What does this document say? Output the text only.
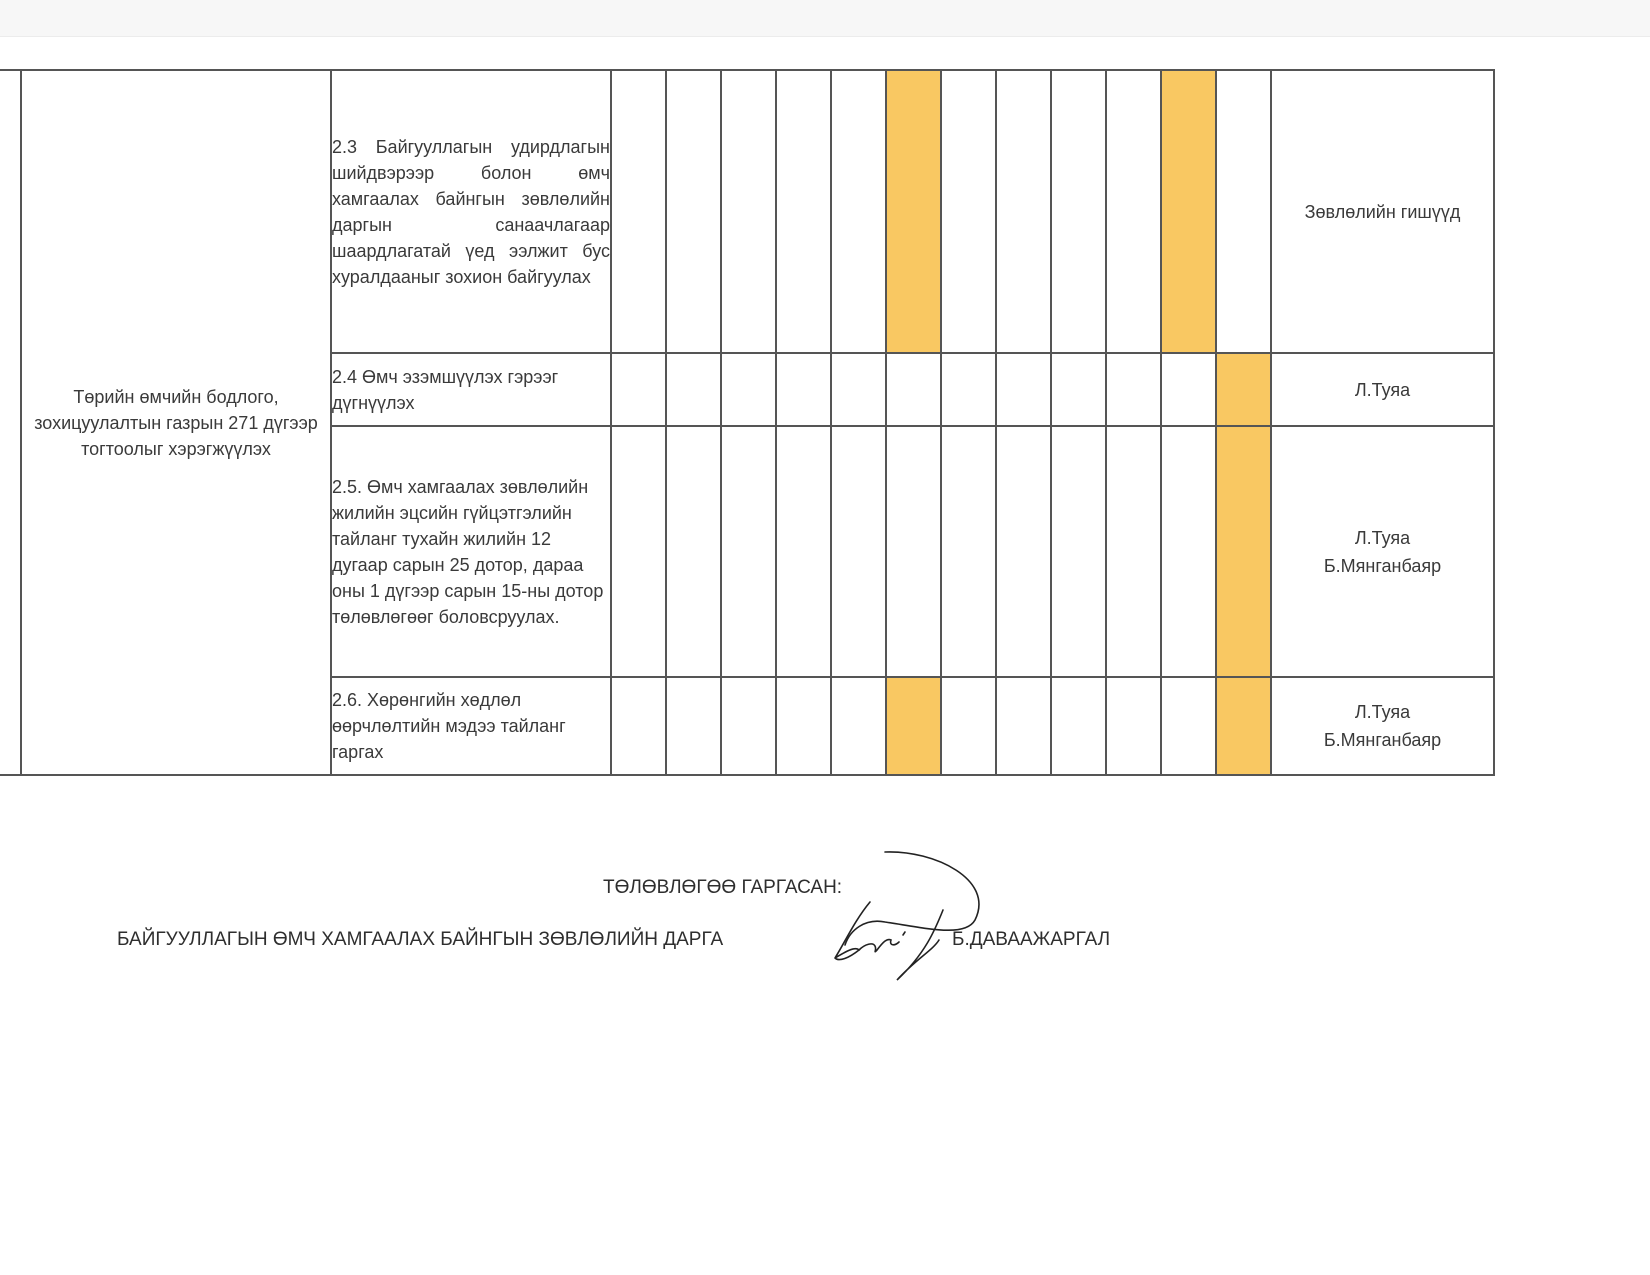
	Төрийн өмчийн бодлого, зохицуулалтын газрын 271 дүгээр тогтоолыг хэрэгжүүлэх	2.3 Байгууллагын удирдлагын шийдвэрээр болон өмч хамгаалах байнгын зөвлөлийн даргын санаачлагаар шаардлагатай үед ээлжит бус хуралдааныг зохион байгуулах													Зөвлөлийн гишүүд
		2.4 Өмч эзэмшүүлэх гэрээг дүгнүүлэх													Л.Туяа
		2.5. Өмч хамгаалах зөвлөлийн жилийн эцсийн гүйцэтгэлийн тайланг тухайн жилийн 12 дугаар сарын 25 дотор, дараа оны 1 дүгээр сарын 15-ны дотор төлөвлөгөөг боловсруулах.													Л.Туяа
Б.Мянганбаяр
		2.6. Хөрөнгийн хөдлөл өөрчлөлтийн мэдээ тайланг гаргах													Л.Туяа
Б.Мянганбаяр
ТӨЛӨВЛӨГӨӨ ГАРГАСАН:
БАЙГУУЛЛАГЫН ӨМЧ ХАМГААЛАХ БАЙНГЫН ЗӨВЛӨЛИЙН ДАРГА	Б.ДАВААЖАРГАЛ
